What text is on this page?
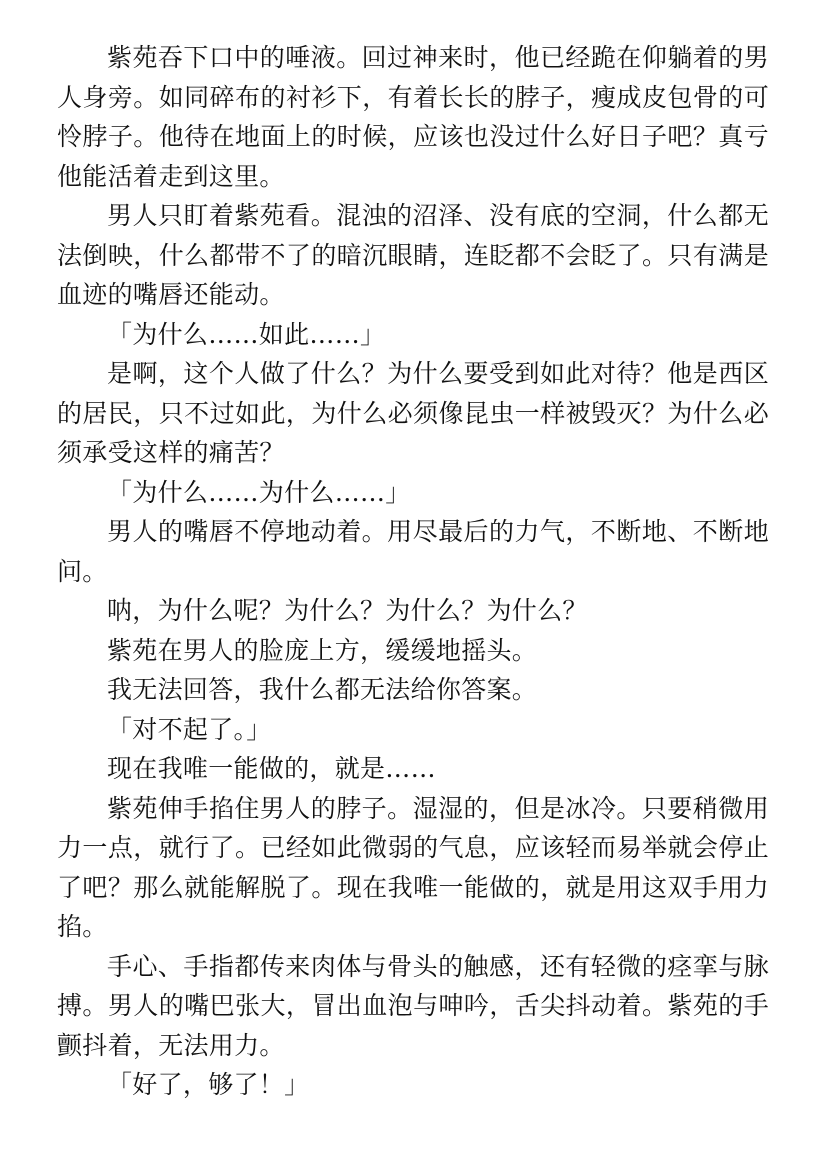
紫苑吞下口中的唾液。回过神来时，他已经跪在仰躺着的男人身旁。如同碎布的衬衫下，有着长长的脖子，瘦成皮包骨的可怜脖子。他待在地面上的时候，应该也没过什么好日子吧？真亏他能活着走到这里。

男人只盯着紫苑看。混浊的沼泽、没有底的空洞，什么都无法倒映，什么都带不了的暗沉眼睛，连眨都不会眨了。只有满是血迹的嘴唇还能动。

「为什么……如此……」

是啊，这个人做了什么？为什么要受到如此对待？他是西区的居民，只不过如此，为什么必须像昆虫一样被毁灭？为什么必须承受这样的痛苦？

「为什么……为什么……」

男人的嘴唇不停地动着。用尽最后的力气，不断地、不断地问。

呐，为什么呢？为什么？为什么？为什么？

紫苑在男人的脸庞上方，缓缓地摇头。

我无法回答，我什么都无法给你答案。

「对不起了。」

现在我唯一能做的，就是……

紫苑伸手掐住男人的脖子。湿湿的，但是冰冷。只要稍微用力一点，就行了。已经如此微弱的气息，应该轻而易举就会停止了吧？那么就能解脱了。现在我唯一能做的，就是用这双手用力掐。

手心、手指都传来肉体与骨头的触感，还有轻微的痉挛与脉搏。男人的嘴巴张大，冒出血泡与呻吟，舌尖抖动着。紫苑的手颤抖着，无法用力。

「好了，够了！」
